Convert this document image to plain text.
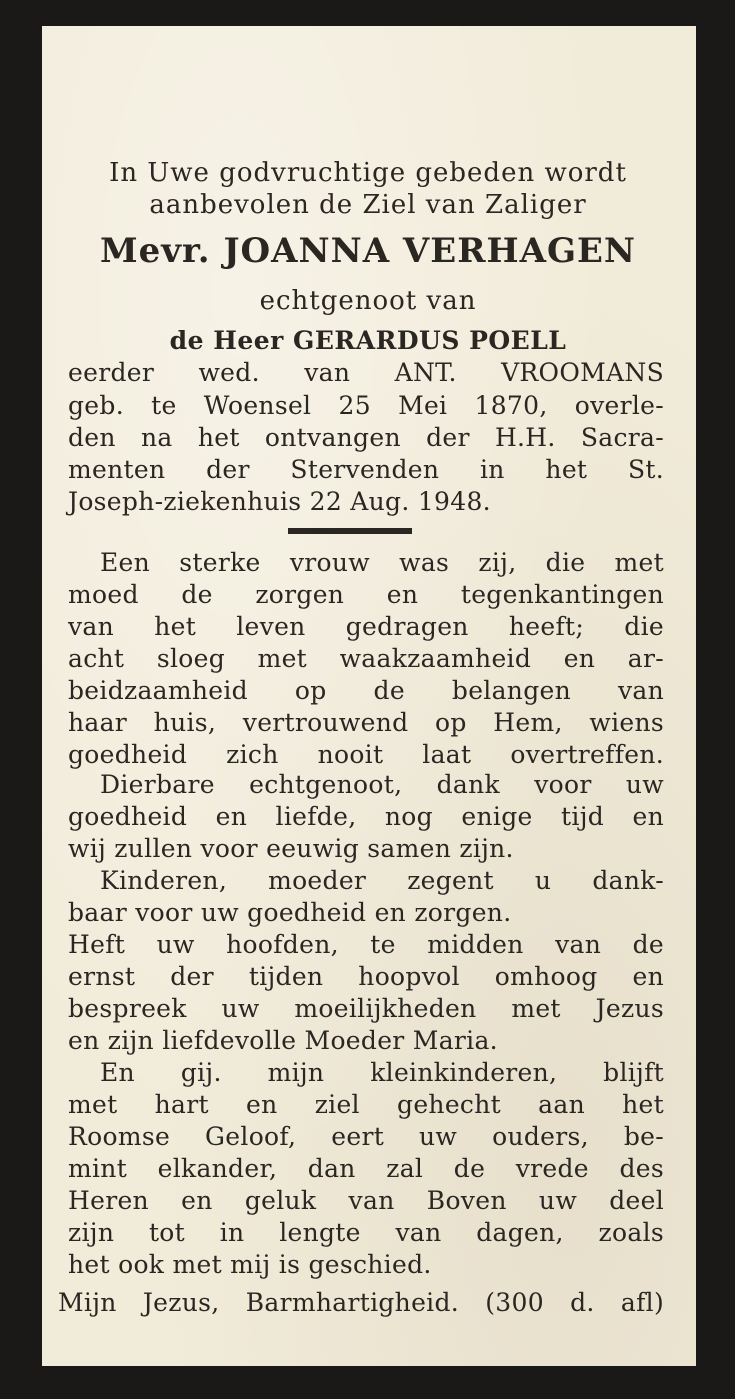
In Uwe godvruchtige gebeden wordt

aanbevolen de Ziel van Zaliger

Mevr. JOANNA VERHAGEN

echtgenoot van

de Heer GERARDUS POELL

eerder wed. van ANT. VROOMANS

geb. te Woensel 25 Mei 1870, overle-

den na het ontvangen der H.H. Sacra-

menten der Stervenden in het St.

Joseph-ziekenhuis 22 Aug. 1948.

Een sterke vrouw was zij, die met

moed de zorgen en tegenkantingen

van het leven gedragen heeft; die

acht sloeg met waakzaamheid en ar-

beidzaamheid op de belangen van

haar huis, vertrouwend op Hem, wiens

goedheid zich nooit laat overtreffen.

Dierbare echtgenoot, dank voor uw

goedheid en liefde, nog enige tijd en

wij zullen voor eeuwig samen zijn.

Kinderen, moeder zegent u dank-

baar voor uw goedheid en zorgen.

Heft uw hoofden, te midden van de

ernst der tijden hoopvol omhoog en

bespreek uw moeilijkheden met Jezus

en zijn liefdevolle Moeder Maria.

En gij. mijn kleinkinderen, blijft

met hart en ziel gehecht aan het

Roomse Geloof, eert uw ouders, be-

mint elkander, dan zal de vrede des

Heren en geluk van Boven uw deel

zijn tot in lengte van dagen, zoals

het ook met mij is geschied.

Mijn Jezus, Barmhartigheid. (300 d. afl)
